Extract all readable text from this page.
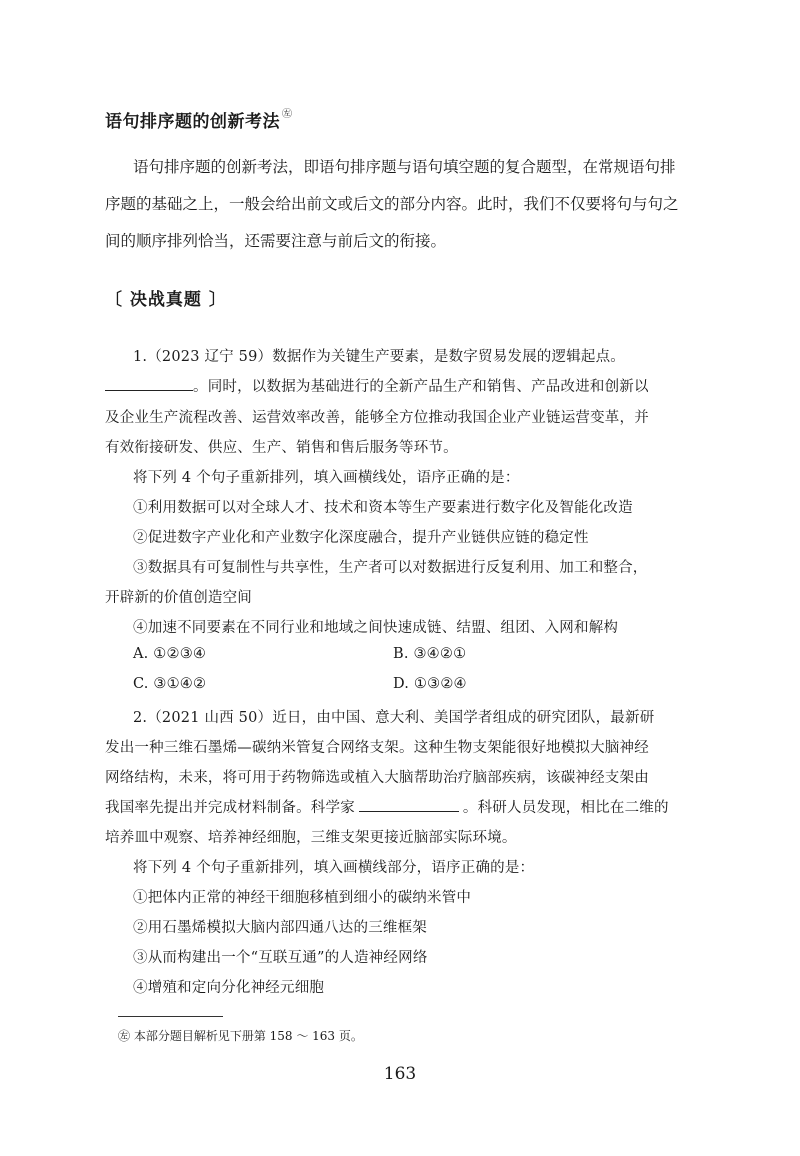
语句排序题的创新考法 ㊧
语句排序题的创新考法，即语句排序题与语句填空题的复合题型，在常规语句排
序题的基础之上，一般会给出前文或后文的部分内容。此时，我们不仅要将句与句之
间的顺序排列恰当，还需要注意与前后文的衔接。
〔 决战真题 〕
1.（2023 辽宁 59）数据作为关键生产要素，是数字贸易发展的逻辑起点。
。同时，以数据为基础进行的全新产品生产和销售、产品改进和创新以
及企业生产流程改善、运营效率改善，能够全方位推动我国企业产业链运营变革，并
有效衔接研发、供应、生产、销售和售后服务等环节。
将下列 4 个句子重新排列，填入画横线处，语序正确的是：
①利用数据可以对全球人才、技术和资本等生产要素进行数字化及智能化改造
②促进数字产业化和产业数字化深度融合，提升产业链供应链的稳定性
③数据具有可复制性与共享性，生产者可以对数据进行反复利用、加工和整合，
开辟新的价值创造空间
④加速不同要素在不同行业和地域之间快速成链、结盟、组团、入网和解构
A. ①②③④	B. ③④②①
C. ③①④②	D. ①③②④
2.（2021 山西 50）近日，由中国、意大利、美国学者组成的研究团队，最新研
发出一种三维石墨烯—碳纳米管复合网络支架。这种生物支架能很好地模拟大脑神经
网络结构，未来，将可用于药物筛选或植入大脑帮助治疗脑部疾病，该碳神经支架由
我国率先提出并完成材料制备。科学家	。科研人员发现，相比在二维的
培养皿中观察、培养神经细胞，三维支架更接近脑部实际环境。
将下列 4 个句子重新排列，填入画横线部分，语序正确的是：
①把体内正常的神经干细胞移植到细小的碳纳米管中
②用石墨烯模拟大脑内部四通八达的三维框架
③从而构建出一个“互联互通”的人造神经网络
④增殖和定向分化神经元细胞
㊧ 本部分题目解析见下册第 158 ～ 163 页。
163
